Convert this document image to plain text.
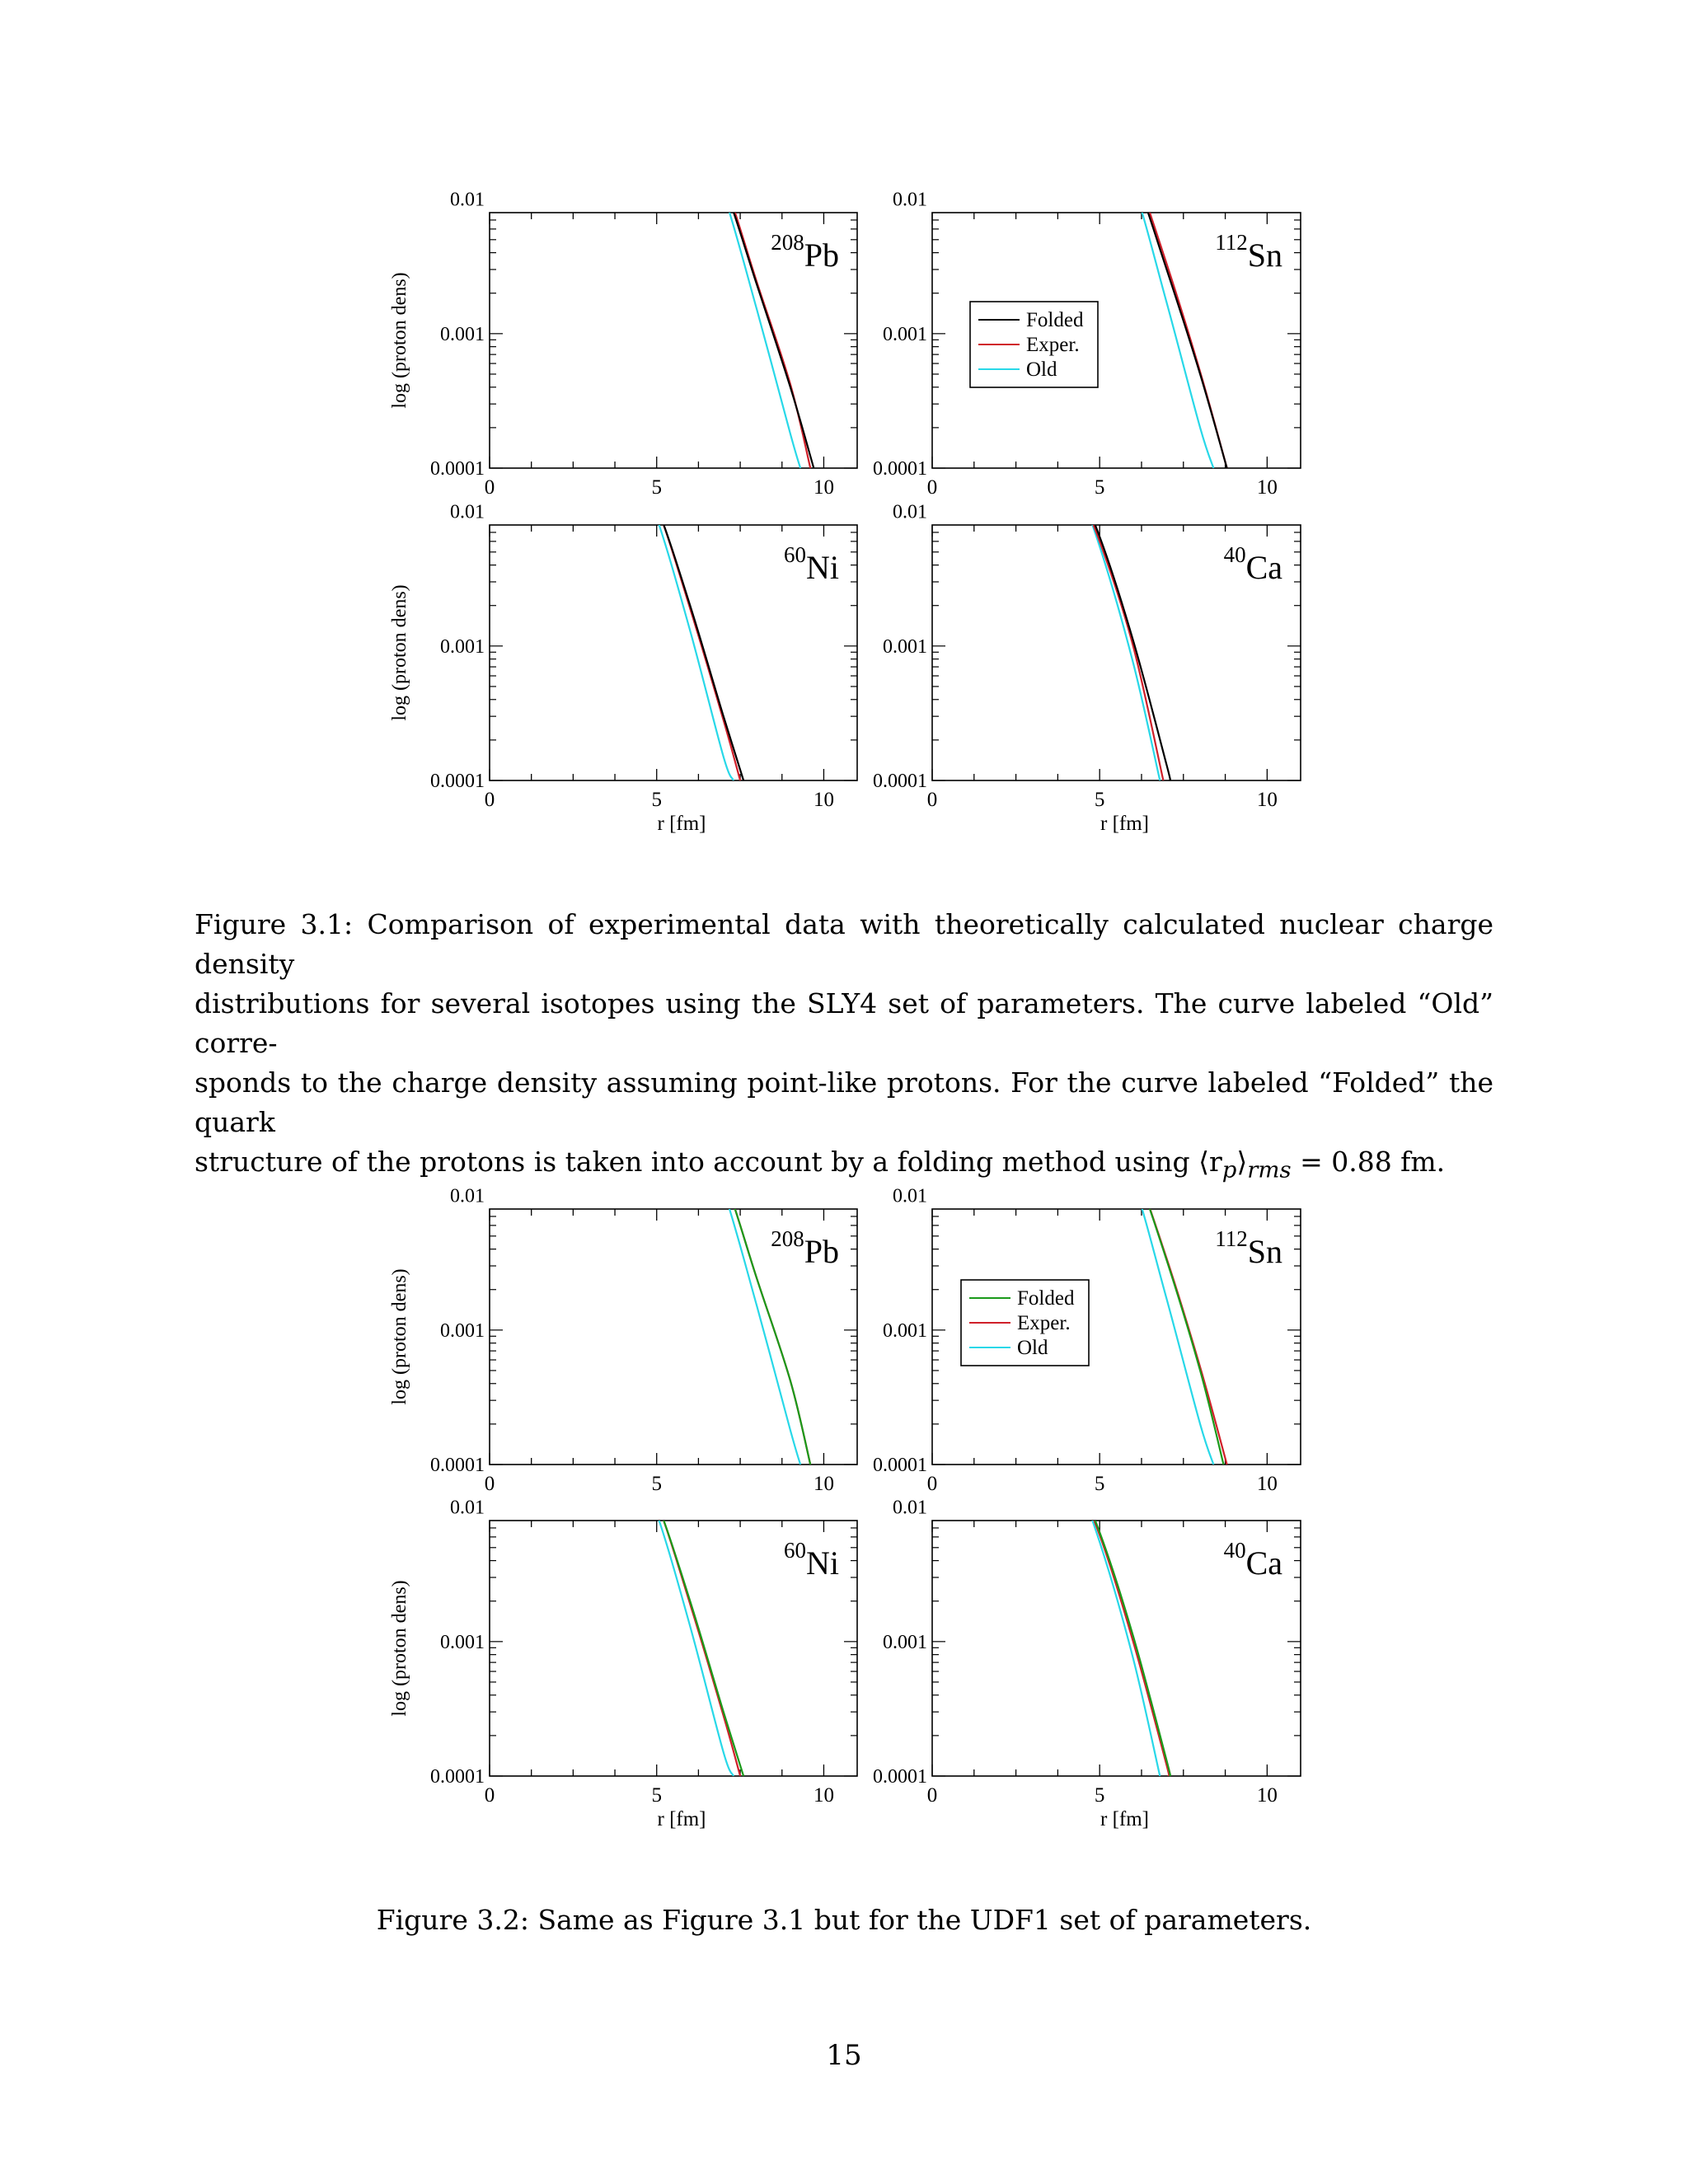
0	5	10
0.01
0.001
0.0001
log (proton dens)
$^{208}$Pb
0	5	10
0.01
0.001
0.0001
$^{112}$Sn
Folded
Exper.
Old
0	5	10
0.01
0.001
0.0001
log (proton dens)
r [fm]
$^{60}$Ni
0	5	10
0.01
0.001
0.0001
r [fm]
$^{40}$Ca
0	5	10
0.01
0.001
0.0001
log (proton dens)
$^{208}$Pb
0	5	10
0.01
0.001
0.0001
$^{112}$Sn
Folded
Exper.
Old
0	5	10
0.01
0.001
0.0001
log (proton dens)
r [fm]
$^{60}$Ni
0	5	10
0.01
0.001
0.0001
r [fm]
$^{40}$Ca
Figure 3.1: Comparison of experimental data with theoretically calculated nuclear charge density
distributions for several isotopes using the SLY4 set of parameters. The curve labeled “Old” corre-
sponds to the charge density assuming point-like protons. For the curve labeled “Folded” the quark
structure of the protons is taken into account by a folding method using $⟨r_p⟩_{rms} = 0.88$ fm.
Figure 3.2: Same as Figure 3.1 but for the UDF1 set of parameters.
15
